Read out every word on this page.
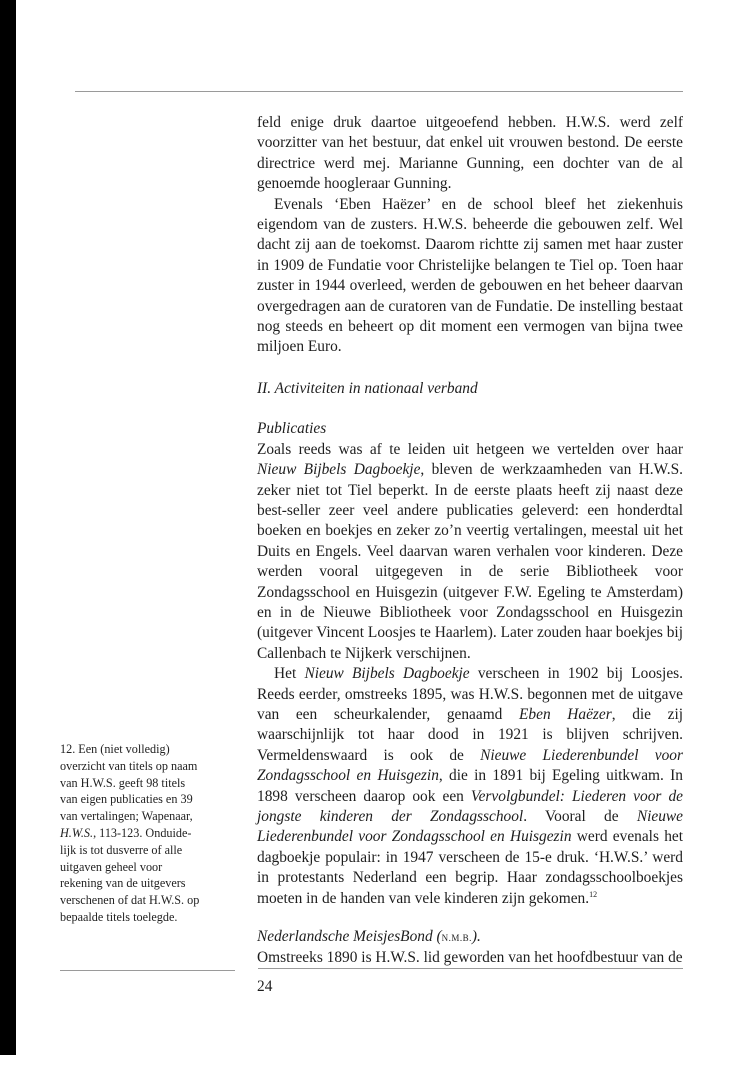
feld enige druk daartoe uitgeoefend hebben. H.W.S. werd zelf voorzitter van het bestuur, dat enkel uit vrouwen bestond. De eerste directrice werd mej. Marianne Gunning, een dochter van de al genoemde hoogleraar Gunning.

Evenals ‘Eben Haëzer’ en de school bleef het ziekenhuis eigendom van de zusters. H.W.S. beheerde die gebouwen zelf. Wel dacht zij aan de toekomst. Daarom richtte zij samen met haar zuster in 1909 de Fundatie voor Christelijke belangen te Tiel op. Toen haar zuster in 1944 overleed, werden de gebouwen en het beheer daarvan overgedragen aan de curatoren van de Fundatie. De instelling bestaat nog steeds en beheert op dit moment een vermogen van bijna twee miljoen Euro.

II. Activiteiten in nationaal verband
Publicaties

Zoals reeds was af te leiden uit hetgeen we vertelden over haar Nieuw Bijbels Dagboekje, bleven de werkzaamheden van H.W.S. zeker niet tot Tiel beperkt. In de eerste plaats heeft zij naast deze best-seller zeer veel andere publicaties geleverd: een honderdtal boeken en boekjes en zeker zo’n veertig vertalingen, meestal uit het Duits en Engels. Veel daarvan waren verhalen voor kinderen. Deze werden vooral uitgegeven in de serie Bibliotheek voor Zondagsschool en Huisgezin (uitgever F.W. Egeling te Amsterdam) en in de Nieuwe Bibliotheek voor Zondagsschool en Huisgezin (uitgever Vincent Loosjes te Haarlem). Later zouden haar boekjes bij Callenbach te Nijkerk verschijnen.

Het Nieuw Bijbels Dagboekje verscheen in 1902 bij Loosjes. Reeds eerder, omstreeks 1895, was H.W.S. begonnen met de uitgave van een scheurkalender, genaamd Eben Haëzer, die zij waarschijnlijk tot haar dood in 1921 is blijven schrijven. Vermeldenswaard is ook de Nieuwe Liederenbundel voor Zondagsschool en Huisgezin, die in 1891 bij Egeling uitkwam. In 1898 verscheen daarop ook een Vervolgbundel: Liederen voor de jongste kinderen der Zondagsschool. Vooral de Nieuwe Liederenbundel voor Zondagsschool en Huisgezin werd evenals het dagboekje populair: in 1947 verscheen de 15-e druk. ‘H.W.S.’ werd in protestants Nederland een begrip. Haar zondagsschoolboekjes moeten in de handen van vele kinderen zijn gekomen.$^{12}$

Nederlandsche MeisjesBond (N.M.B.).

Omstreeks 1890 is H.W.S. lid geworden van het hoofdbestuur van de

12. Een (niet volledig)
overzicht van titels op naam
van H.W.S. geeft 98 titels
van eigen publicaties en 39
van vertalingen; Wapenaar,
H.W.S., 113-123. Onduide-
lijk is tot dusverre of alle
uitgaven geheel voor
rekening van de uitgevers
verschenen of dat H.W.S. op
bepaalde titels toelegde.
24
